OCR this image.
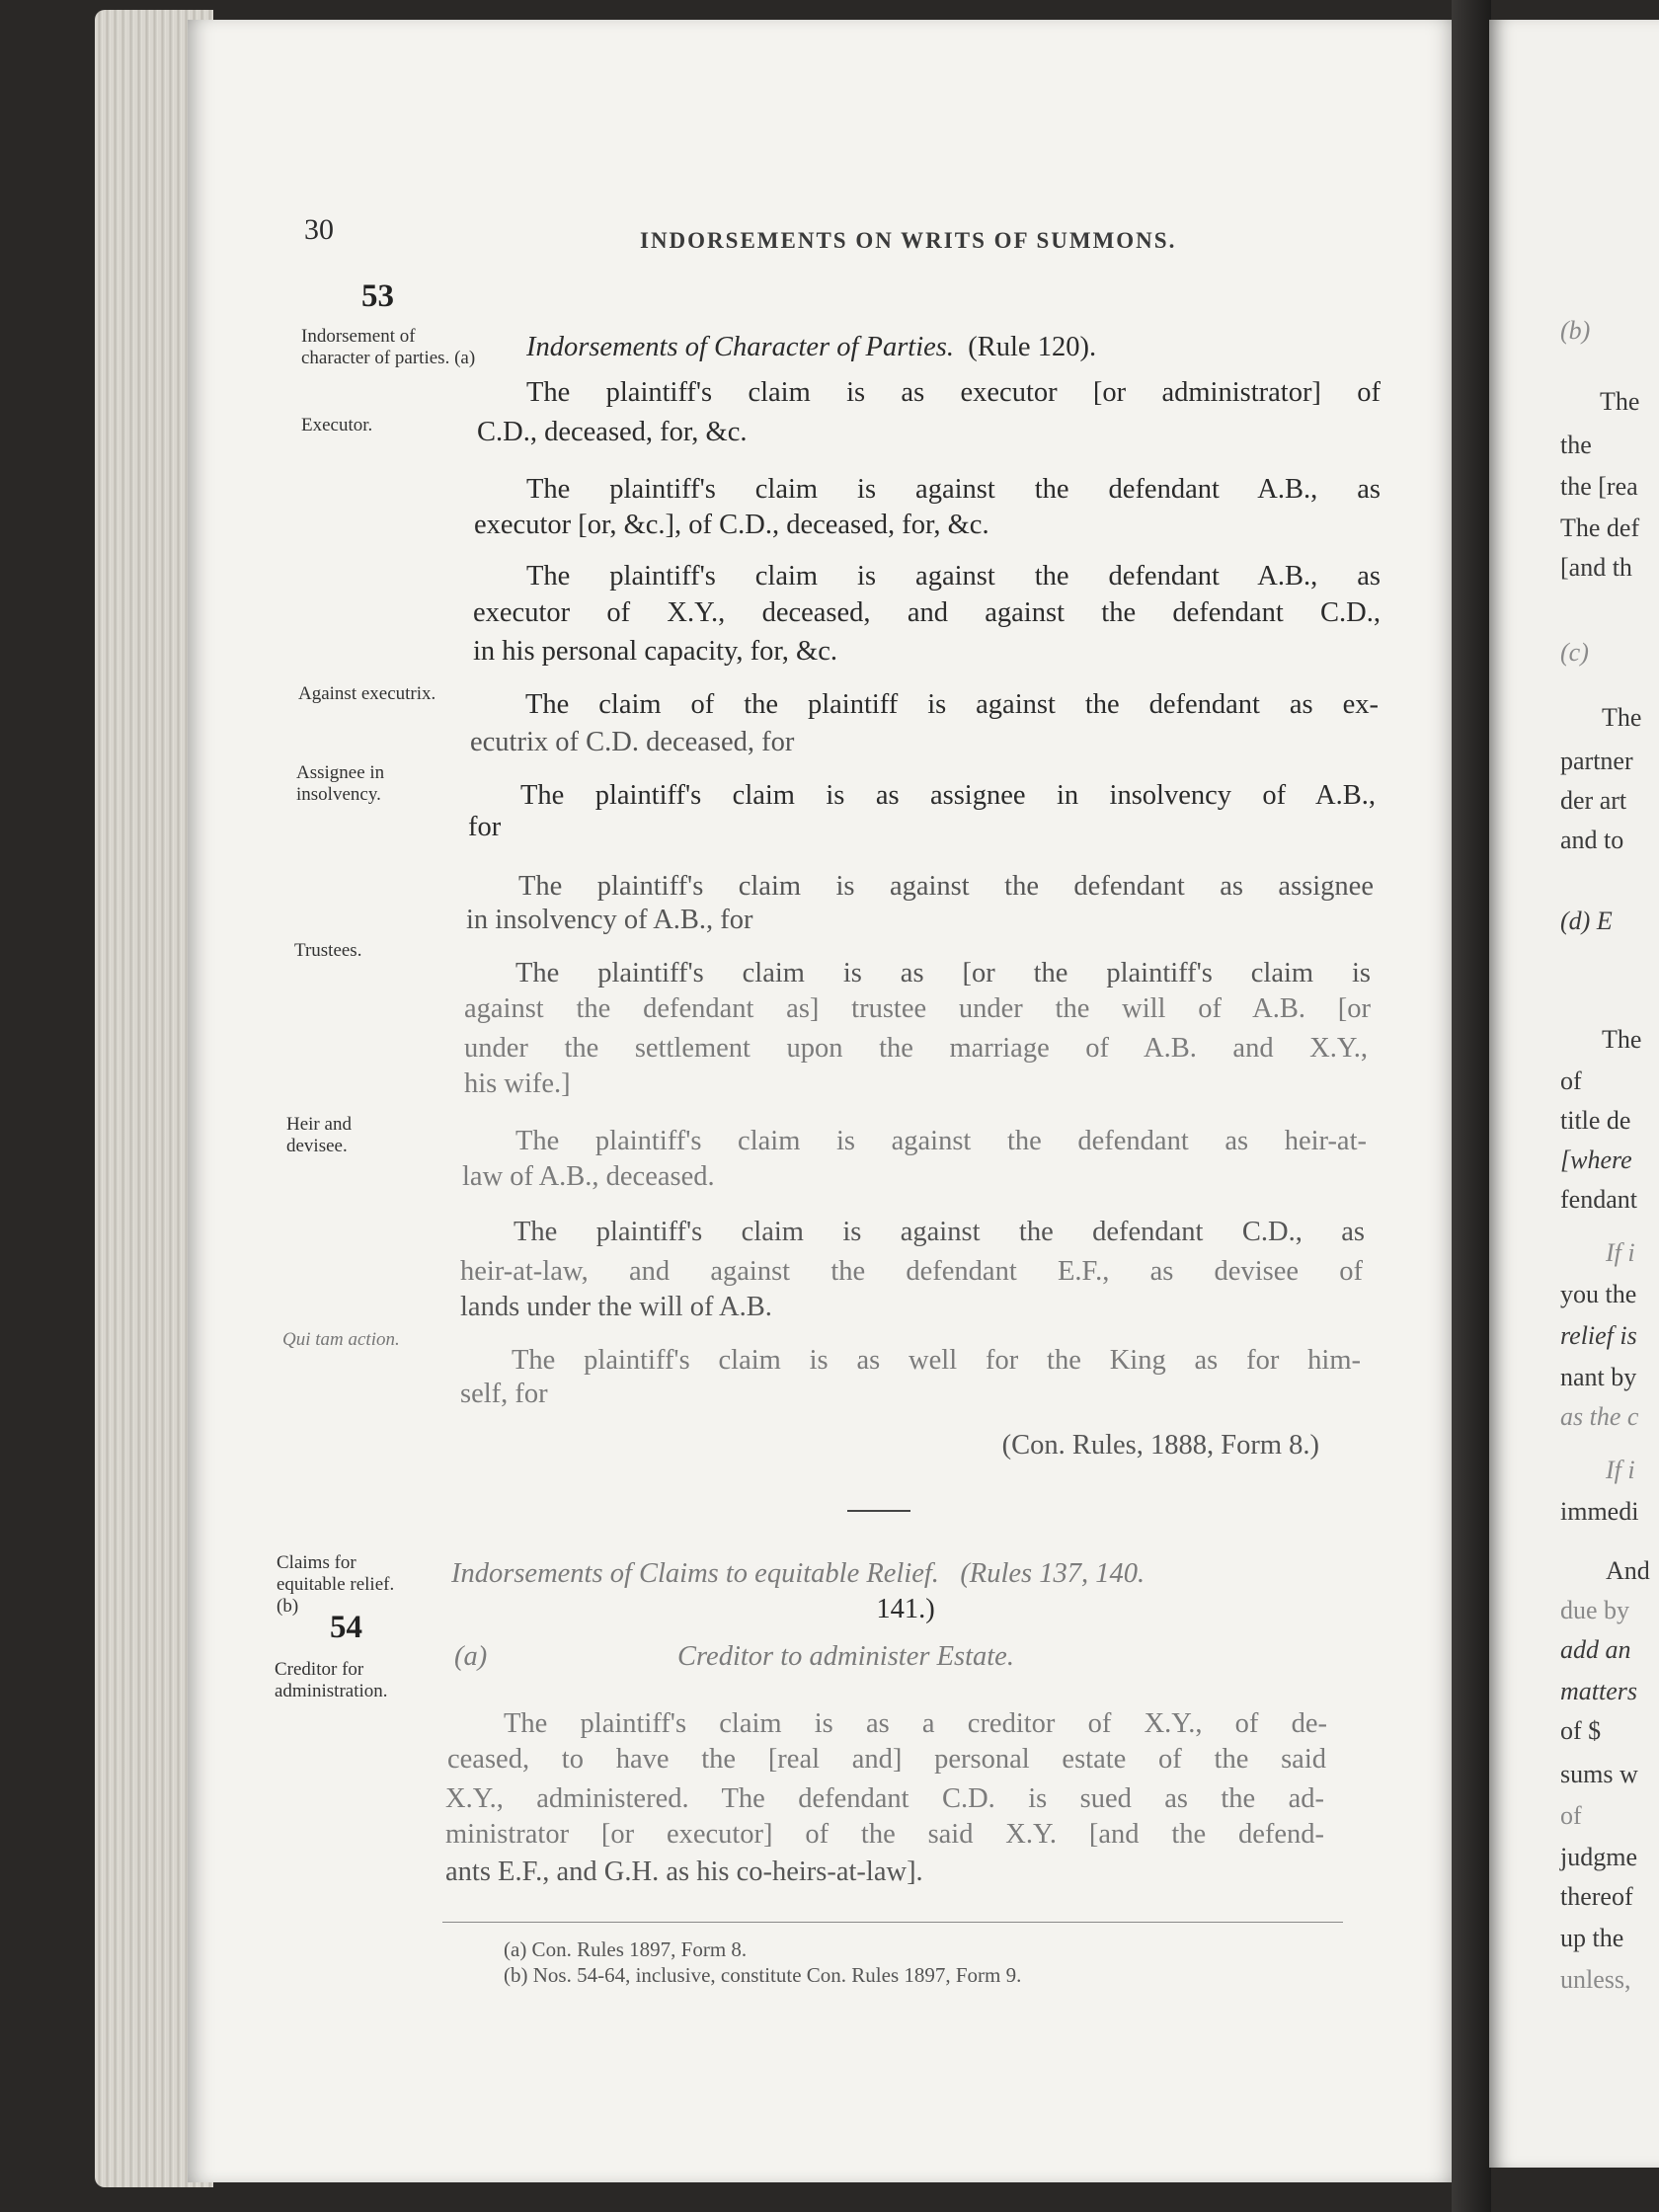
30	INDORSEMENTS ON WRITS OF SUMMONS.
53
Indorsement of character of parties. (a)
Executor.
Against executrix.
Assignee in insolvency.
Trustees.
Heir and devisee.
Qui tam action.
Indorsements of Character of Parties. (Rule 120).
The plaintiff's claim is as executor [or administrator] of
C.D., deceased, for, &c.
The plaintiff's claim is against the defendant A.B., as
executor [or, &c.], of C.D., deceased, for, &c.
The plaintiff's claim is against the defendant A.B., as
executor of X.Y., deceased, and against the defendant C.D.,
in his personal capacity, for, &c.
The claim of the plaintiff is against the defendant as ex-
ecutrix of C.D. deceased, for
The plaintiff's claim is as assignee in insolvency of A.B.,
for
The plaintiff's claim is against the defendant as assignee
in insolvency of A.B., for
The plaintiff's claim is as [or the plaintiff's claim is
against the defendant as] trustee under the will of A.B. [or
under the settlement upon the marriage of A.B. and X.Y.,
his wife.]
The plaintiff's claim is against the defendant as heir-at-
law of A.B., deceased.
The plaintiff's claim is against the defendant C.D., as
heir-at-law, and against the defendant E.F., as devisee of
lands under the will of A.B.
The plaintiff's claim is as well for the King as for him-
self, for
(Con. Rules, 1888, Form 8.)
Claims for equitable relief. (b)
Indorsements of Claims to equitable Relief. (Rules 137, 140.
141.)
54
Creditor for administration.
(a)	Creditor to administer Estate.
The plaintiff's claim is as a creditor of X.Y., of de-
ceased, to have the [real and] personal estate of the said
X.Y., administered. The defendant C.D. is sued as the ad-
ministrator [or executor] of the said X.Y. [and the defend-
ants E.F., and G.H. as his co-heirs-at-law].
(a) Con. Rules 1897, Form 8.
(b) Nos. 54-64, inclusive, constitute Con. Rules 1897, Form 9.
(b)
The
the
the [rea
The def
[and th
(c)
The
partner
der art
and to
(d) E
The
of
title de
[where
fendant
If i
you the
relief is
nant by
as the c
If i
immedi
And
due by
add an
matters
of $
sums w
of
judgme
thereof
up the
unless,
